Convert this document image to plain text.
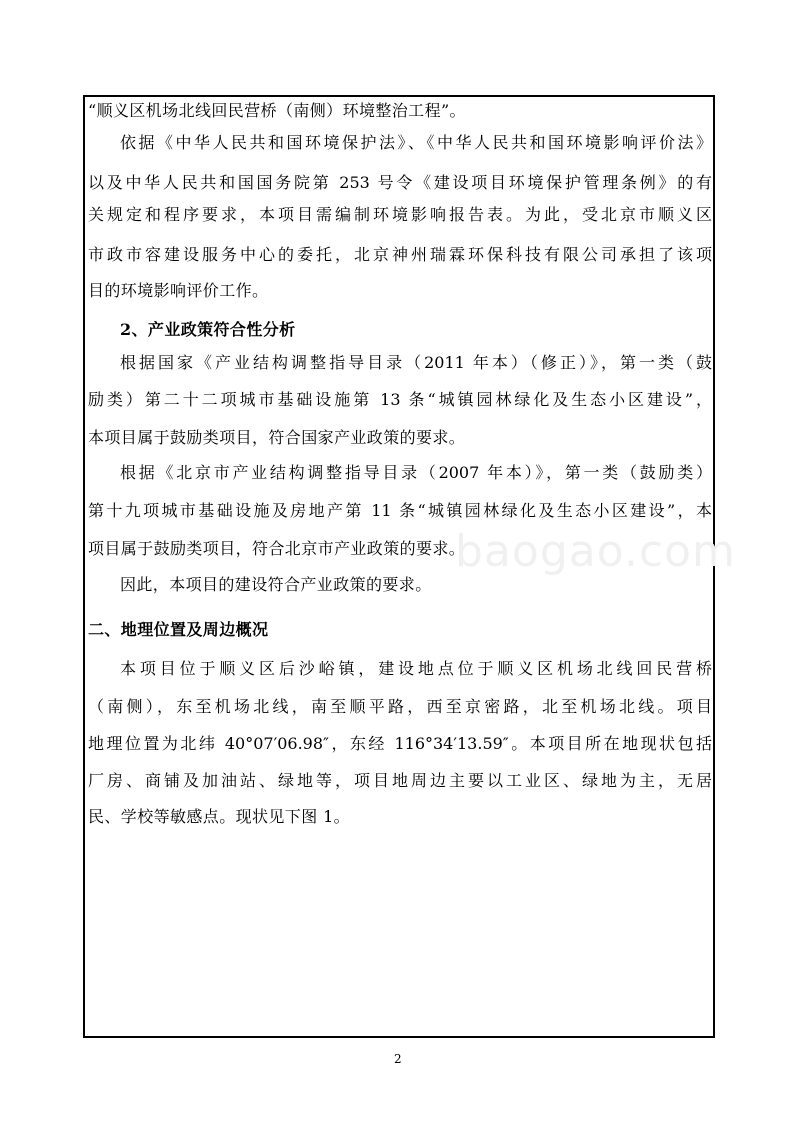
“顺义区机场北线回民营桥（南侧）环境整治工程”。
依据《中华人民共和国环境保护法》、《中华人民共和国环境影响评价法》
以及中华人民共和国国务院第 253 号令《建设项目环境保护管理条例》的有
关规定和程序要求，本项目需编制环境影响报告表。为此，受北京市顺义区
市政市容建设服务中心的委托，北京神州瑞霖环保科技有限公司承担了该项
目的环境影响评价工作。
2、产业政策符合性分析
根据国家《产业结构调整指导目录（2011 年本）（修正）》，第一类（鼓
励类）第二十二项城市基础设施第 13 条“城镇园林绿化及生态小区建设”，
本项目属于鼓励类项目，符合国家产业政策的要求。
根据《北京市产业结构调整指导目录（2007 年本）》，第一类（鼓励类）
第十九项城市基础设施及房地产第 11 条“城镇园林绿化及生态小区建设”，本
项目属于鼓励类项目，符合北京市产业政策的要求。
因此，本项目的建设符合产业政策的要求。
二、地理位置及周边概况
本项目位于顺义区后沙峪镇，建设地点位于顺义区机场北线回民营桥
（南侧），东至机场北线，南至顺平路，西至京密路，北至机场北线。项目
地理位置为北纬 40°07′06.98″，东经 116°34′13.59″。本项目所在地现状包括
厂房、商铺及加油站、绿地等，项目地周边主要以工业区、绿地为主，无居
民、学校等敏感点。现状见下图 1。
baogao.com
2
